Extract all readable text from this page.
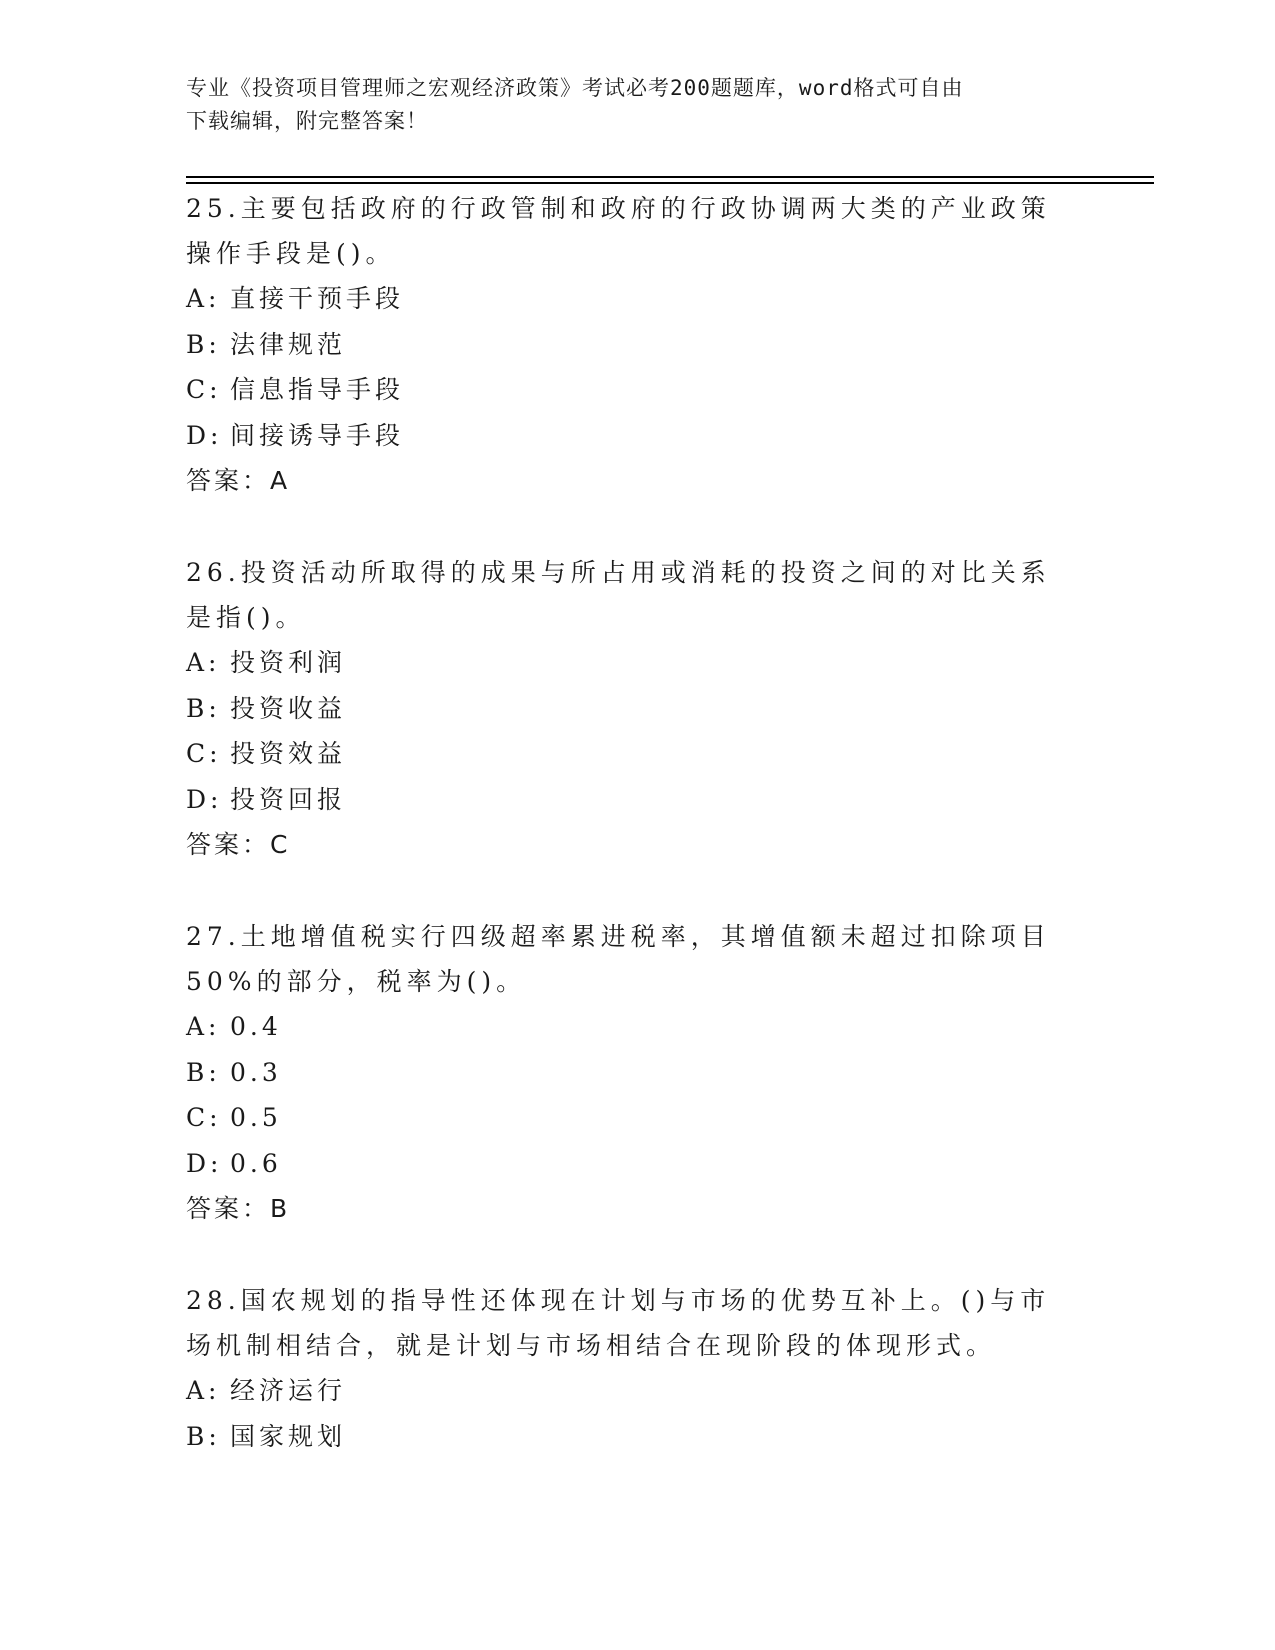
专业《投资项目管理师之宏观经济政策》考试必考200题题库，word格式可自由
下载编辑，附完整答案！

25.主要包括政府的行政管制和政府的行政协调两大类的产业政策操作手段是()。

A: 直接干预手段
B: 法律规范
C: 信息指导手段
D: 间接诱导手段

答案：A

26.投资活动所取得的成果与所占用或消耗的投资之间的对比关系是指()。

A: 投资利润
B: 投资收益
C: 投资效益
D: 投资回报

答案：C

27.土地增值税实行四级超率累进税率，其增值额未超过扣除项目50%的部分，税率为()。

A: 0.4
B: 0.3
C: 0.5
D: 0.6

答案：B

28.国农规划的指导性还体现在计划与市场的优势互补上。()与市场机制相结合，就是计划与市场相结合在现阶段的体现形式。

A: 经济运行
B: 国家规划
